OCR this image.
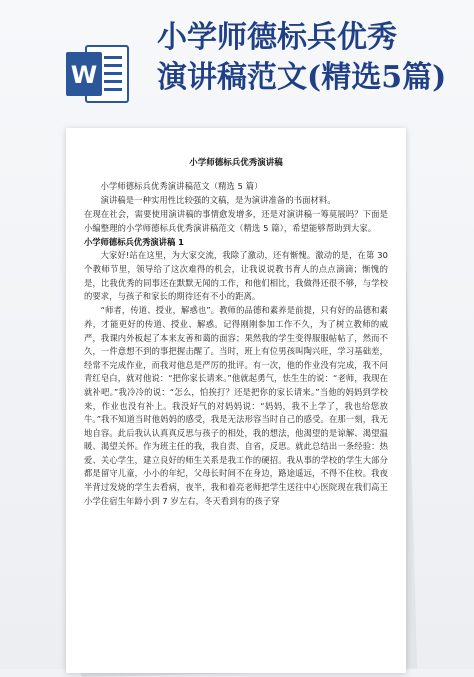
W
小学师德标兵优秀
演讲稿范文(精选5篇)
小学师德标兵优秀演讲稿

小学师德标兵优秀演讲稿范文（精选 5 篇）

演讲稿是一种实用性比较强的文稿，是为演讲准备的书面材料。

在现在社会，需要使用演讲稿的事情愈发增多，还是对演讲稿一筹莫展吗？下面是小编整理的小学师德标兵优秀演讲稿范文（精选 5 篇），希望能够帮助到大家。

小学师德标兵优秀演讲稿 1

大家好!站在这里，为大家交流，我除了激动，还有惭愧。激动的是，在第 30 个教师节里，领导给了这次难得的机会，让我说说教书育人的点点滴滴；惭愧的是，比我优秀的同事还在默默无闻的工作，和他们相比，我做得还很不够，与学校的要求，与孩子和家长的期待还有不小的距离。

“师者，传道、授业，解惑也”。教师的品德和素养是前提，只有好的品德和素养，才能更好的传道、授业、解惑。记得刚刚参加工作不久，为了树立教师的威严，我课内外板起了本来友善和蔼的面容；果然我的学生变得服服帖帖了，然而不久，一件意想不到的事把握击醒了。当时，班上有位男孩叫陶兴旺，学习基础差，经常不完成作业，而我对他总是严厉的批评。有一次，他的作业没有完成，我不问青红皂白，就对他说：“把你家长请来。”他就起勇气，怯生生的说：“老师，我现在就补吧。”我冷冷的说：“怎么，怕挨打？还是把你的家长请来。”当他的妈妈到学校来，作业也没有补上。我没好气的对妈妈说：“妈妈，我不上学了，我也给您放牛。”我不知道当时他妈妈的感受，我是无法形容当时自己的感受。在那一刻，我无地自容。此后我认认真真反思与孩子的相处，我的想法，他渴望的是谅解、渴望温暖、渴望关怀。作为班主任的我，我自责、自省，反思。就此总结出一条经验：热爱、关心学生，建立良好的师生关系是我工作的硬招。我从事的学校的学生大部分都是留守儿童，小小的年纪，父母长时间不在身边，路途遥远，不得不住校。我夜半背过发烧的学生去看病，夜半，我和着亮老师把学生送往中心医院现在我们高王小学住宿生年龄小到 7 岁左右，冬天看到有的孩子穿
